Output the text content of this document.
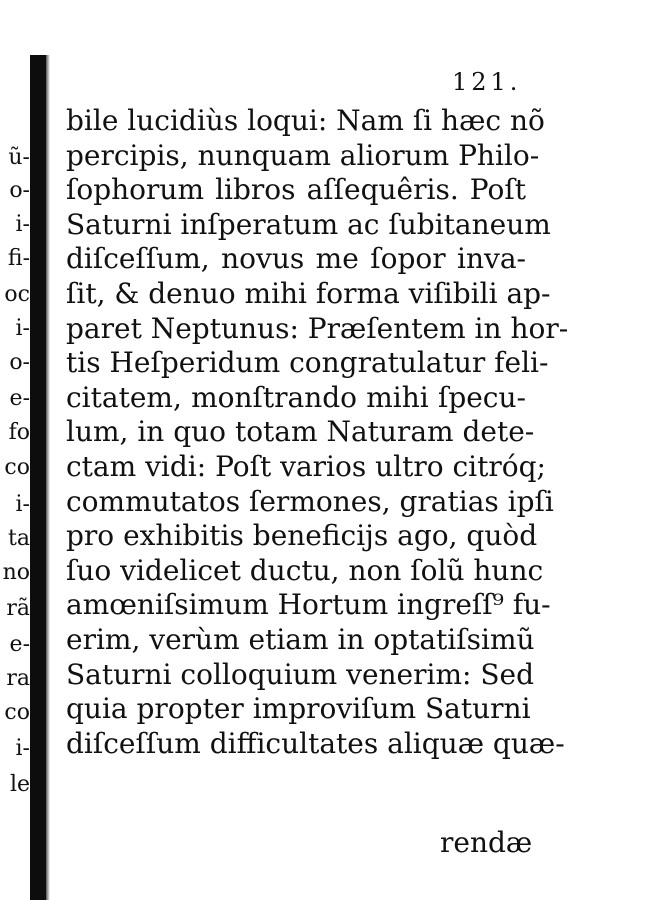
ũ-
o-
i-
fi-
oc
i-
o-
e-
fo
co
i-
ta
no
rã
e-
ra
co
i-
le
121.
bile lucidiùs loqui: Nam ſi hæc nõ
percipis, nunquam aliorum Philo-
ſophorum libros aſſequêris. Poſt
Saturni inſperatum ac ſubitaneum
diſceſſum, novus me ſopor inva-
ſit, & denuo mihi forma viſibili ap-
paret Neptunus: Præſentem in hor-
tis Heſperidum congratulatur feli-
citatem, monſtrando mihi ſpecu-
lum, in quo totam Naturam dete-
ctam vidi: Poſt varios ultro citróq;
commutatos ſermones, gratias ipſi
pro exhibitis beneficijs ago, quòd
ſuo videlicet ductu, non ſolũ hunc
amœniſsimum Hortum ingreſſ⁹ fu-
erim, verùm etiam in optatiſsimũ
Saturni colloquium venerim: Sed
quia propter improviſum Saturni
diſceſſum difficultates aliquæ quæ-
rendæ
